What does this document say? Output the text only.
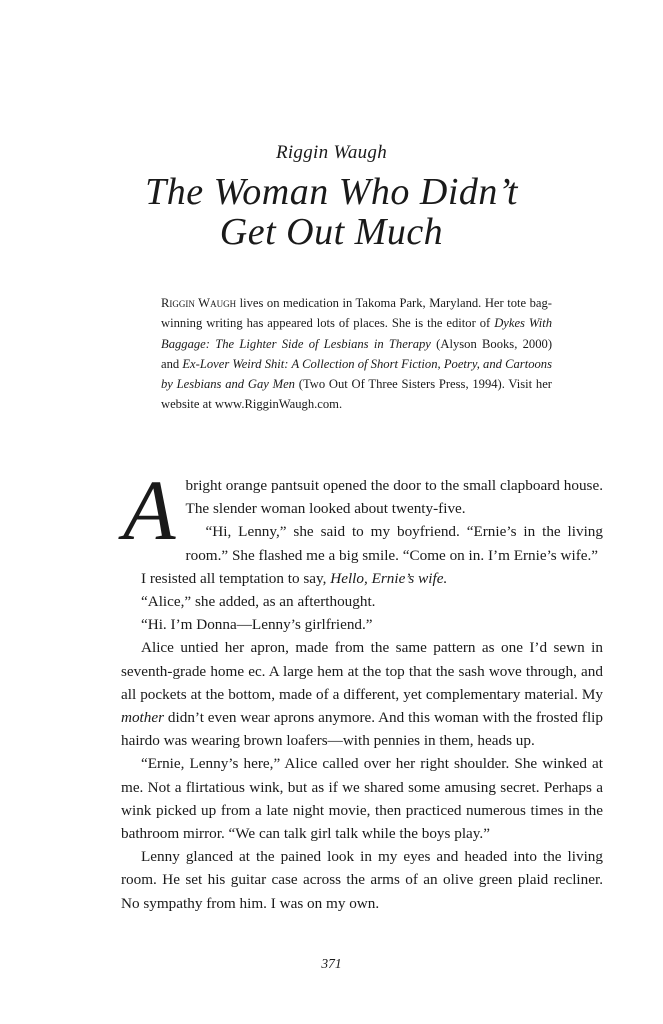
Riggin Waugh
The Woman Who Didn’t
Get Out Much
Riggin Waugh lives on medication in Takoma Park, Maryland. Her tote bag-winning writing has appeared lots of places. She is the editor of Dykes With Baggage: The Lighter Side of Lesbians in Therapy (Alyson Books, 2000) and Ex-Lover Weird Shit: A Collection of Short Fiction, Poetry, and Cartoons by Lesbians and Gay Men (Two Out Of Three Sisters Press, 1994). Visit her website at www.RigginWaugh.com.

A bright orange pantsuit opened the door to the small clapboard house. The slender woman looked about twenty-five.

“Hi, Lenny,” she said to my boyfriend. “Ernie’s in the living room.” She flashed me a big smile. “Come on in. I’m Ernie’s wife.”

I resisted all temptation to say, Hello, Ernie’s wife.

“Alice,” she added, as an afterthought.

“Hi. I’m Donna—Lenny’s girlfriend.”

Alice untied her apron, made from the same pattern as one I’d sewn in seventh-grade home ec. A large hem at the top that the sash wove through, and all pockets at the bottom, made of a different, yet complementary material. My mother didn’t even wear aprons anymore. And this woman with the frosted flip hairdo was wearing brown loafers—with pennies in them, heads up.

“Ernie, Lenny’s here,” Alice called over her right shoulder. She winked at me. Not a flirtatious wink, but as if we shared some amusing secret. Perhaps a wink picked up from a late night movie, then practiced numerous times in the bathroom mirror. “We can talk girl talk while the boys play.”

Lenny glanced at the pained look in my eyes and headed into the living room. He set his guitar case across the arms of an olive green plaid recliner. No sympathy from him. I was on my own.

371
